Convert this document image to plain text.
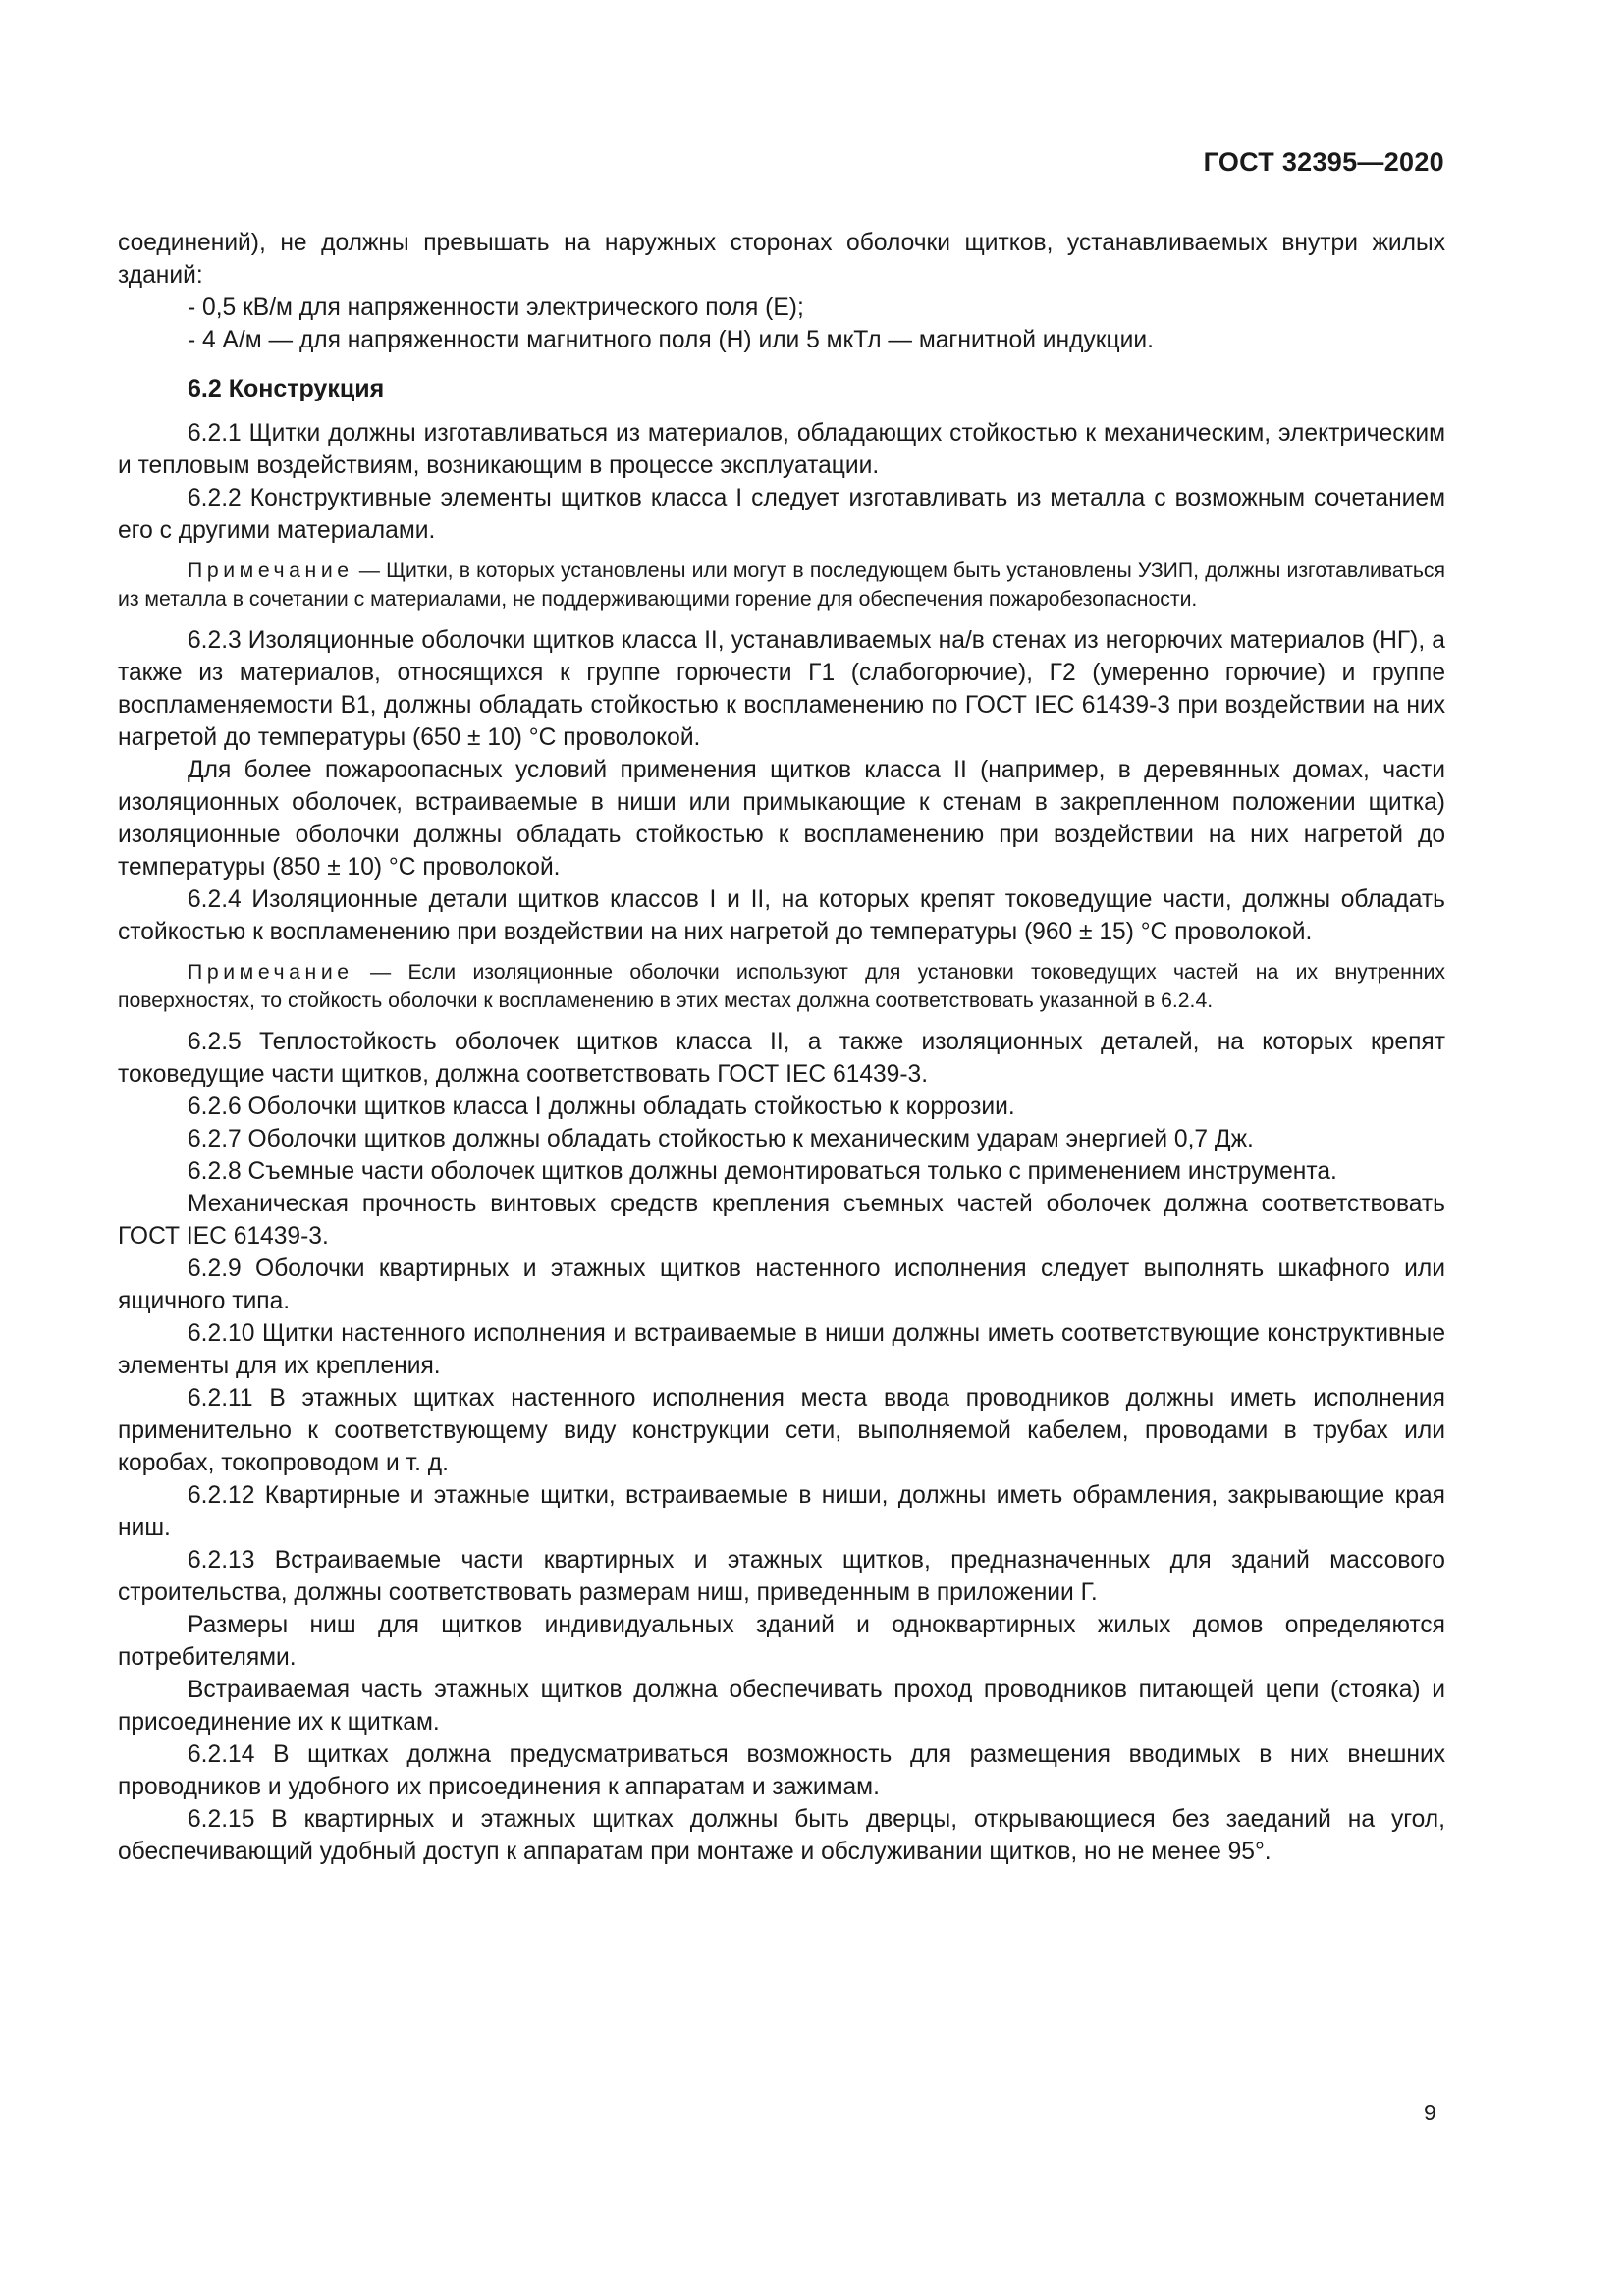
ГОСТ 32395—2020
соединений), не должны превышать на наружных сторонах оболочки щитков, устанавливаемых внутри жилых зданий:
- 0,5 кВ/м для напряженности электрического поля (Е);
- 4 А/м — для напряженности магнитного поля (Н) или 5 мкТл — магнитной индукции.
6.2 Конструкция
6.2.1 Щитки должны изготавливаться из материалов, обладающих стойкостью к механическим, электрическим и тепловым воздействиям, возникающим в процессе эксплуатации.
6.2.2 Конструктивные элементы щитков класса I следует изготавливать из металла с возможным сочетанием его с другими материалами.
Примечание — Щитки, в которых установлены или могут в последующем быть установлены УЗИП, должны изготавливаться из металла в сочетании с материалами, не поддерживающими горение для обеспечения пожаробезопасности.
6.2.3 Изоляционные оболочки щитков класса II, устанавливаемых на/в стенах из негорючих материалов (НГ), а также из материалов, относящихся к группе горючести Г1 (слабогорючие), Г2 (умеренно горючие) и группе воспламеняемости В1, должны обладать стойкостью к воспламенению по ГОСТ IEC 61439-3 при воздействии на них нагретой до температуры (650 ± 10) °С проволокой.
Для более пожароопасных условий применения щитков класса II (например, в деревянных домах, части изоляционных оболочек, встраиваемые в ниши или примыкающие к стенам в закрепленном положении щитка) изоляционные оболочки должны обладать стойкостью к воспламенению при воздействии на них нагретой до температуры (850 ± 10) °С проволокой.
6.2.4 Изоляционные детали щитков классов I и II, на которых крепят токоведущие части, должны обладать стойкостью к воспламенению при воздействии на них нагретой до температуры (960 ± 15) °С проволокой.
Примечание — Если изоляционные оболочки используют для установки токоведущих частей на их внутренних поверхностях, то стойкость оболочки к воспламенению в этих местах должна соответствовать указанной в 6.2.4.
6.2.5 Теплостойкость оболочек щитков класса II, а также изоляционных деталей, на которых крепят токоведущие части щитков, должна соответствовать ГОСТ IEC 61439-3.
6.2.6 Оболочки щитков класса I должны обладать стойкостью к коррозии.
6.2.7 Оболочки щитков должны обладать стойкостью к механическим ударам энергией 0,7 Дж.
6.2.8 Съемные части оболочек щитков должны демонтироваться только с применением инструмента.
Механическая прочность винтовых средств крепления съемных частей оболочек должна соответствовать ГОСТ IEC 61439-3.
6.2.9 Оболочки квартирных и этажных щитков настенного исполнения следует выполнять шкафного или ящичного типа.
6.2.10 Щитки настенного исполнения и встраиваемые в ниши должны иметь соответствующие конструктивные элементы для их крепления.
6.2.11 В этажных щитках настенного исполнения места ввода проводников должны иметь исполнения применительно к соответствующему виду конструкции сети, выполняемой кабелем, проводами в трубах или коробах, токопроводом и т. д.
6.2.12 Квартирные и этажные щитки, встраиваемые в ниши, должны иметь обрамления, закрывающие края ниш.
6.2.13 Встраиваемые части квартирных и этажных щитков, предназначенных для зданий массового строительства, должны соответствовать размерам ниш, приведенным в приложении Г.
Размеры ниш для щитков индивидуальных зданий и одноквартирных жилых домов определяются потребителями.
Встраиваемая часть этажных щитков должна обеспечивать проход проводников питающей цепи (стояка) и присоединение их к щиткам.
6.2.14 В щитках должна предусматриваться возможность для размещения вводимых в них внешних проводников и удобного их присоединения к аппаратам и зажимам.
6.2.15 В квартирных и этажных щитках должны быть дверцы, открывающиеся без заеданий на угол, обеспечивающий удобный доступ к аппаратам при монтаже и обслуживании щитков, но не менее 95°.
9
